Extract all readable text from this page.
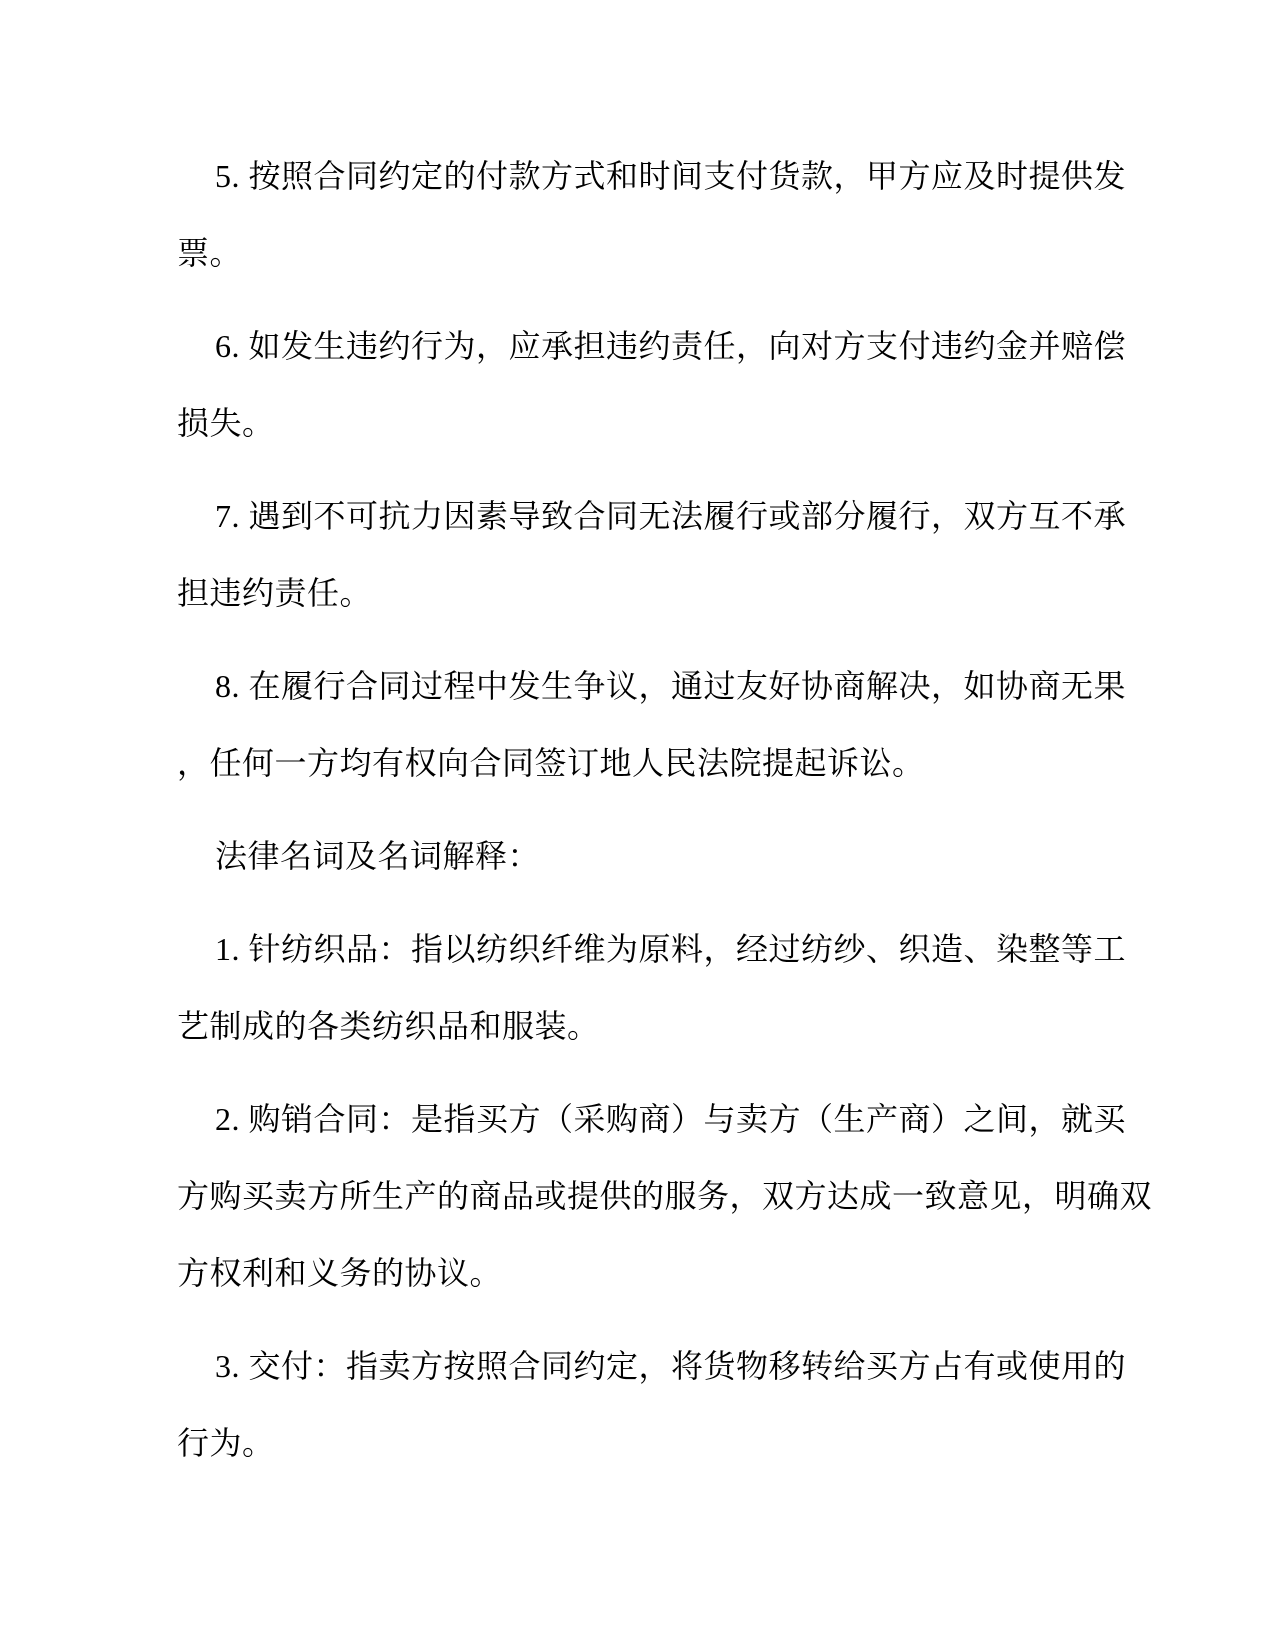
5. 按照合同约定的付款方式和时间支付货款，甲方应及时提供发
票。
6. 如发生违约行为，应承担违约责任，向对方支付违约金并赔偿
损失。
7. 遇到不可抗力因素导致合同无法履行或部分履行，双方互不承
担违约责任。
8. 在履行合同过程中发生争议，通过友好协商解决，如协商无果
，任何一方均有权向合同签订地人民法院提起诉讼。
法律名词及名词解释：
1. 针纺织品：指以纺织纤维为原料，经过纺纱、织造、染整等工
艺制成的各类纺织品和服装。
2. 购销合同：是指买方（采购商）与卖方（生产商）之间，就买
方购买卖方所生产的商品或提供的服务，双方达成一致意见，明确双
方权利和义务的协议。
3. 交付：指卖方按照合同约定，将货物移转给买方占有或使用的
行为。
